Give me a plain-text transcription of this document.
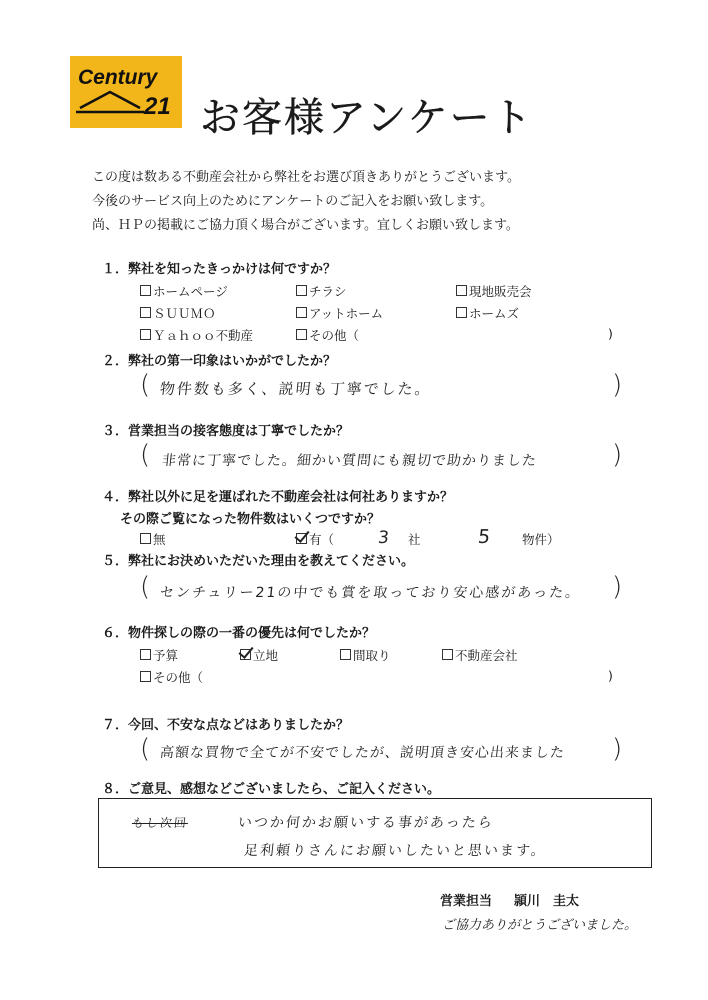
Century
21 お客様アンケート
この度は数ある不動産会社から弊社をお選び頂きありがとうございます。
今後のサービス向上のためにアンケートのご記入をお願い致します。
尚、ＨＰの掲載にご協力頂く場合がございます。宜しくお願い致します。
１．弊社を知ったきっかけは何ですか？
ホームページ	チラシ	現地販売会
ＳＵＵＭＯ	アットホーム	ホームズ
Ｙａｈｏｏ不動産	その他（	)
２．弊社の第一印象はいかがでしたか？
( 物件数も多く、説明も丁寧でした。	)
３．営業担当の接客態度は丁寧でしたか？
( 非常に丁寧でした。細かい質問にも親切で助かりました	)
４．弊社以外に足を運ばれた不動産会社は何社ありますか？
その際ご覧になった物件数はいくつですか？
無	有（	3 社	5 物件）
５．弊社にお決めいただいた理由を教えてください。
( センチュリー21の中でも賞を取っており安心感があった。 )
６．物件探しの際の一番の優先は何でしたか？
予算	立地	間取り	不動産会社
その他（	)
７．今回、不安な点などはありましたか？
( 高額な買物で全てが不安でしたが、説明頂き安心出来ました )
８．ご意見、感想などございましたら、ご記入ください。
もし次回	いつか何かお願いする事があったら
足利頼りさんにお願いしたいと思います。
営業担当 頴川　圭太
ご協力ありがとうございました。
